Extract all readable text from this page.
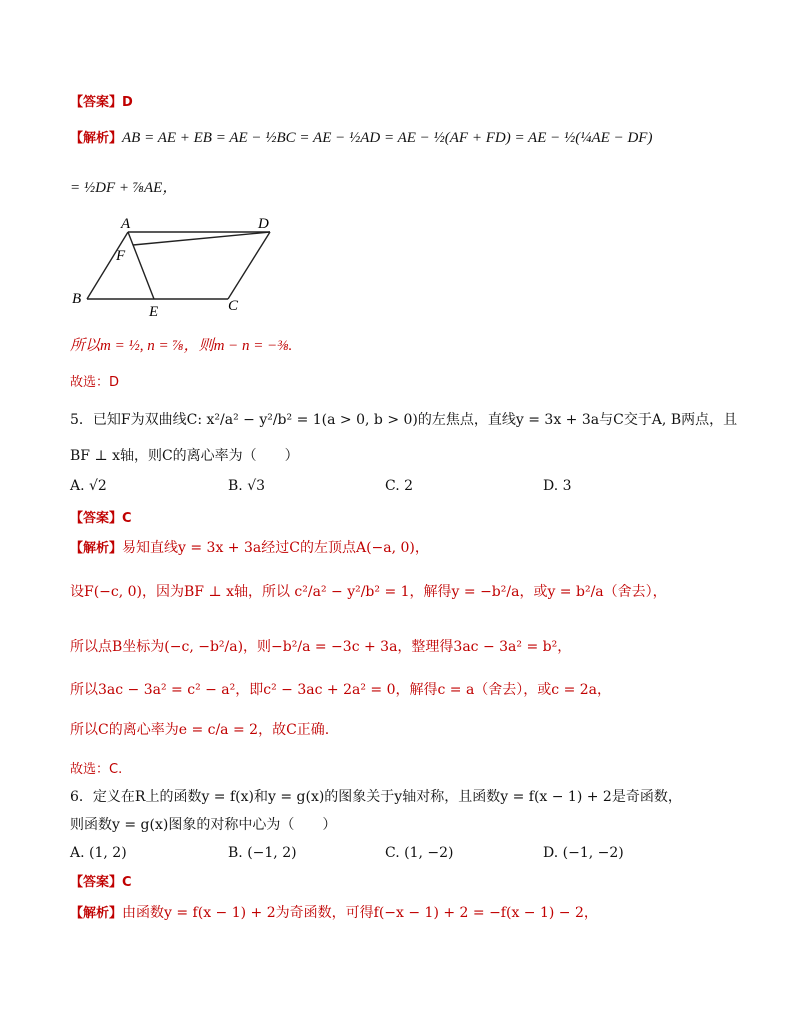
【答案】D
【解析】AB = AE + EB = AE − ½BC = AE − ½AD = AE − ½(AF + FD) = AE − ½(¼AE − DF)
= ½DF + ⅞AE，
A	D
F
B
E	C
所以m = ½, n = ⅞，则m − n = −⅜.
故选：D
5．已知F为双曲线C: x²/a² − y²/b² = 1(a > 0, b > 0)的左焦点，直线y = 3x + 3a与C交于A, B两点，且
BF ⊥ x轴，则C的离心率为（　　）
A. √2	B. √3	C. 2	D. 3
【答案】C
【解析】易知直线y = 3x + 3a经过C的左顶点A(−a, 0)，
设F(−c, 0)，因为BF ⊥ x轴，所以 c²/a² − y²/b² = 1，解得y = −b²/a，或y = b²/a（舍去），
所以点B坐标为(−c, −b²/a)，则−b²/a = −3c + 3a，整理得3ac − 3a² = b²，
所以3ac − 3a² = c² − a²，即c² − 3ac + 2a² = 0，解得c = a（舍去），或c = 2a，
所以C的离心率为e = c/a = 2，故C正确.
故选：C.
6．定义在R上的函数y = f(x)和y = g(x)的图象关于y轴对称，且函数y = f(x − 1) + 2是奇函数，
则函数y = g(x)图象的对称中心为（　　）
A. (1, 2)	B. (−1, 2)	C. (1, −2)	D. (−1, −2)
【答案】C
【解析】由函数y = f(x − 1) + 2为奇函数，可得f(−x − 1) + 2 = −f(x − 1) − 2，
